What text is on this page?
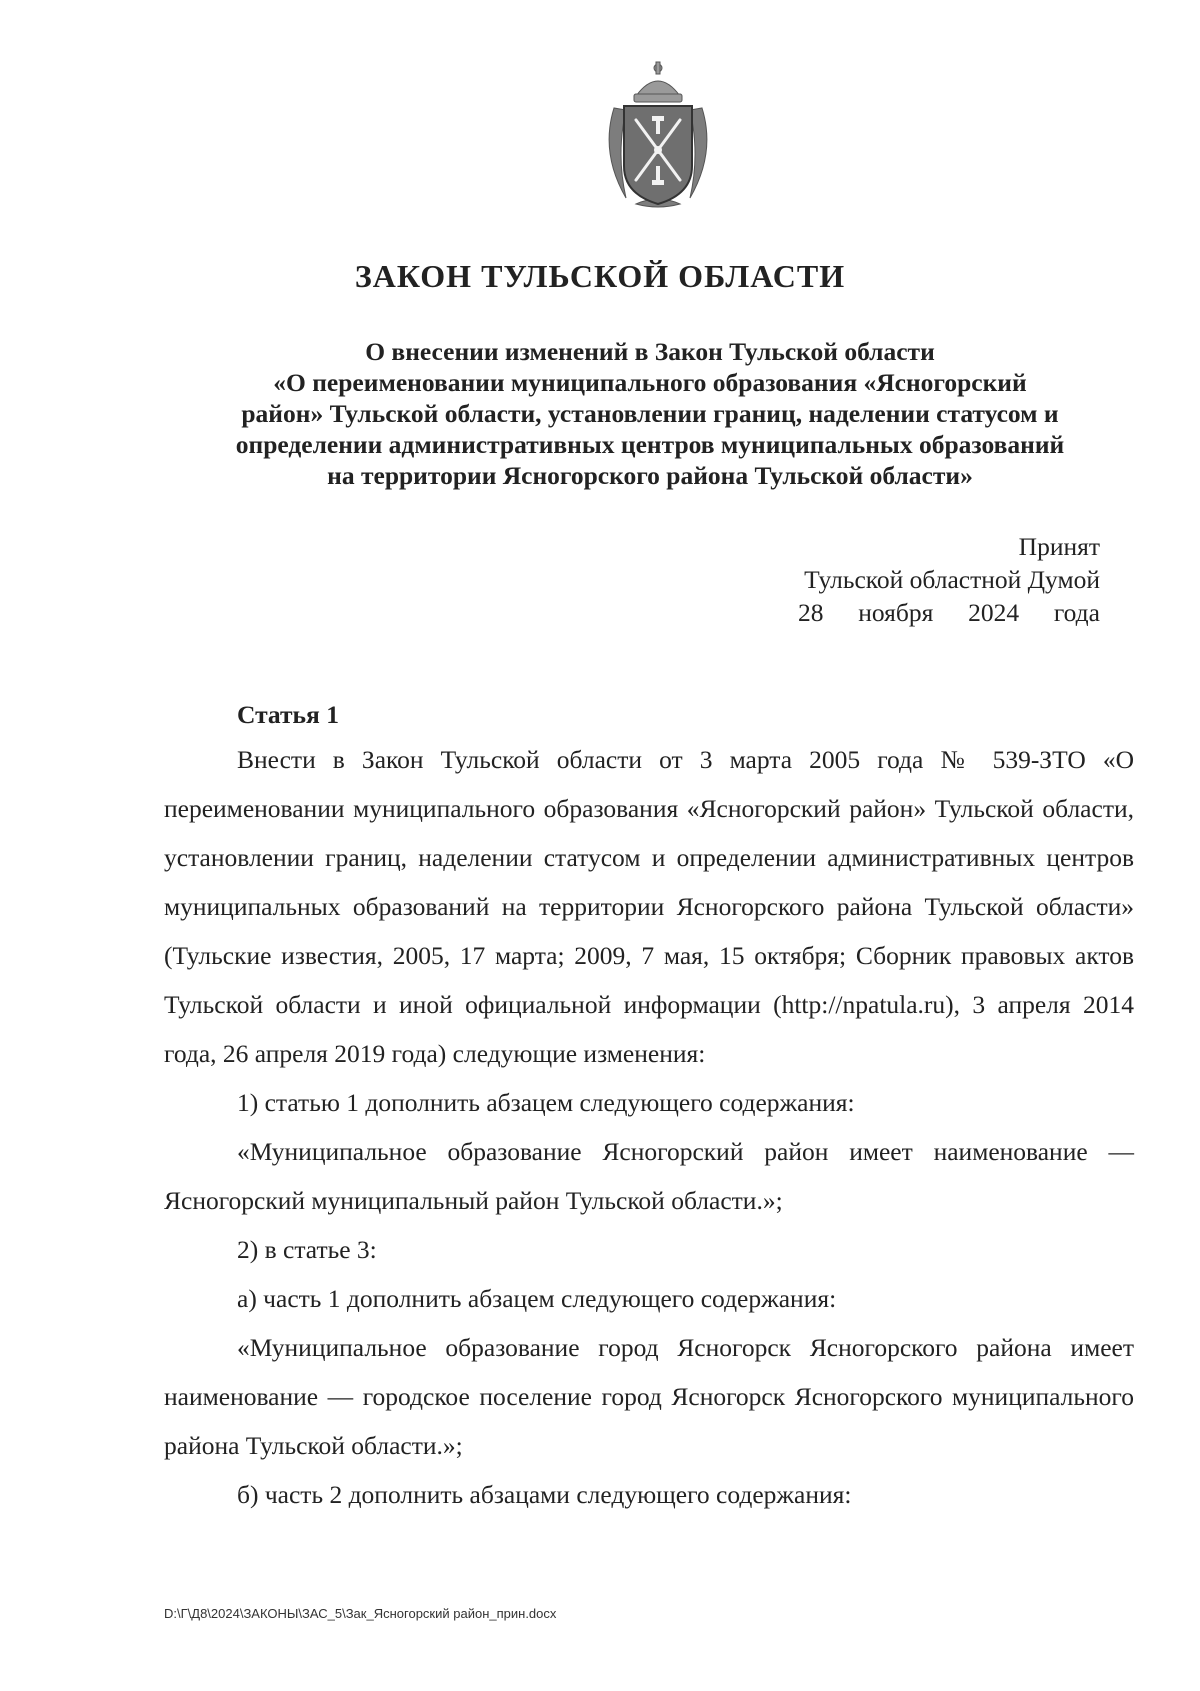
ЗАКОН ТУЛЬСКОЙ ОБЛАСТИ
О внесении изменений в Закон Тульской области
«О переименовании муниципального образования «Ясногорский
район» Тульской области, установлении границ, наделении статусом и
определении административных центров муниципальных образований
на территории Ясногорского района Тульской области»
Принят
Тульской областной Думой
28 ноября 2024 года
Статья 1

Внести в Закон Тульской области от 3 марта 2005 года № 539-ЗТО «О переименовании муниципального образования «Ясногорский район» Тульской области, установлении границ, наделении статусом и определении административных центров муниципальных образований на территории Ясногорского района Тульской области» (Тульские известия, 2005, 17 марта; 2009, 7 мая, 15 октября; Сборник правовых актов Тульской области и иной официальной информации (http://npatula.ru), 3 апреля 2014 года, 26 апреля 2019 года) следующие изменения:

1) статью 1 дополнить абзацем следующего содержания:

«Муниципальное образование Ясногорский район имеет наименование — Ясногорский муниципальный район Тульской области.»;

2) в статье 3:

а) часть 1 дополнить абзацем следующего содержания:

«Муниципальное образование город Ясногорск Ясногорского района имеет наименование — городское поселение город Ясногорск Ясногорского муниципального района Тульской области.»;

б) часть 2 дополнить абзацами следующего содержания:

D:\Г\Д8\2024\ЗАКОНЫ\ЗАС_5\Зак_Ясногорский район_прин.docx
